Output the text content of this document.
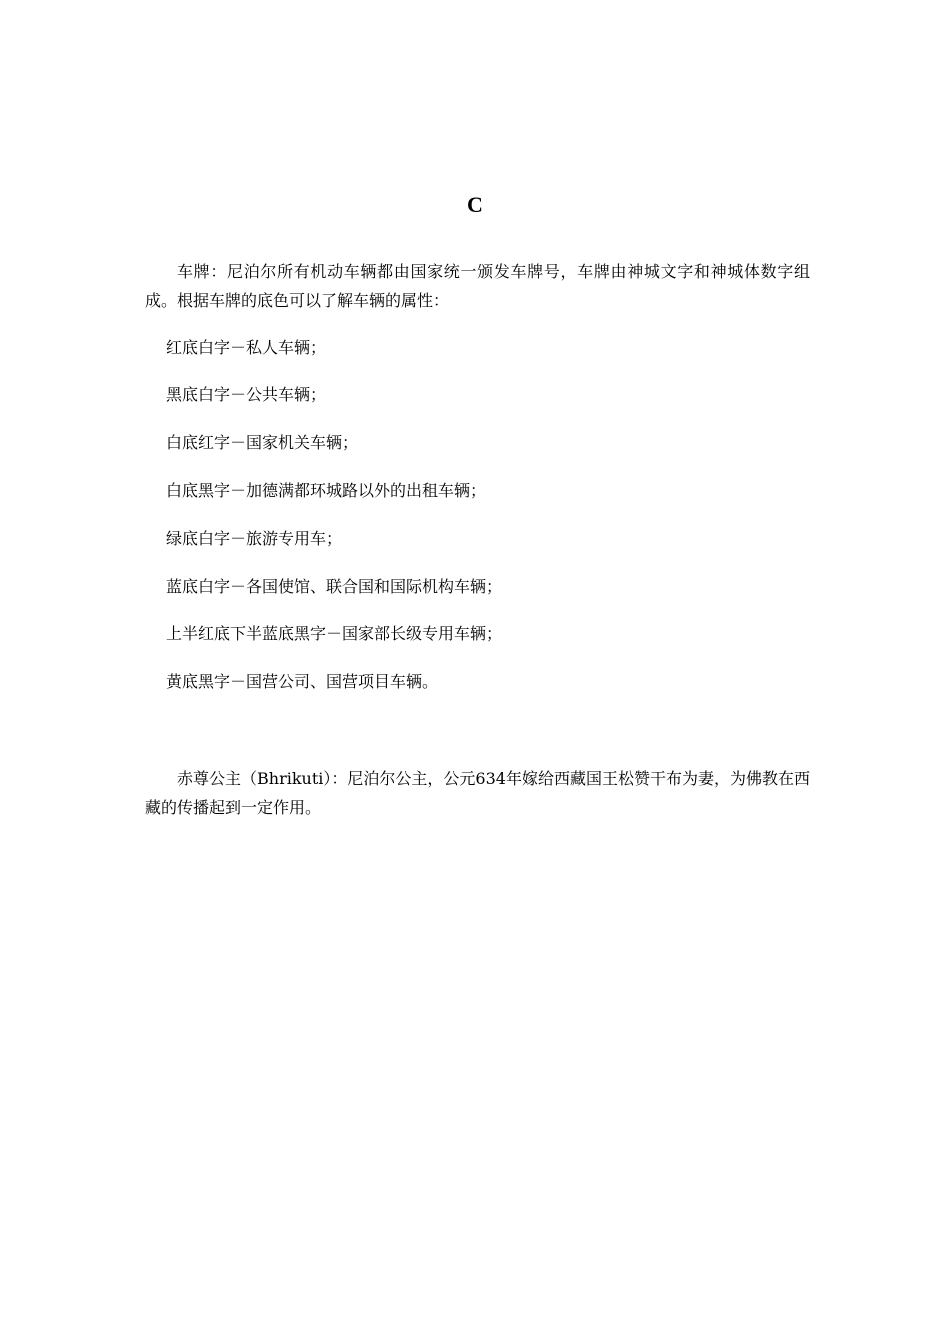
C

车牌：尼泊尔所有机动车辆都由国家统一颁发车牌号，车牌由神城文字和神城体数字组成。根据车牌的底色可以了解车辆的属性：

红底白字－私人车辆；
黑底白字－公共车辆；
白底红字－国家机关车辆；
白底黑字－加德满都环城路以外的出租车辆；
绿底白字－旅游专用车；
蓝底白字－各国使馆、联合国和国际机构车辆；
上半红底下半蓝底黑字－国家部长级专用车辆；
黄底黑字－国营公司、国营项目车辆。

赤尊公主（Bhrikuti）：尼泊尔公主，公元634年嫁给西藏国王松赞干布为妻，为佛教在西藏的传播起到一定作用。
